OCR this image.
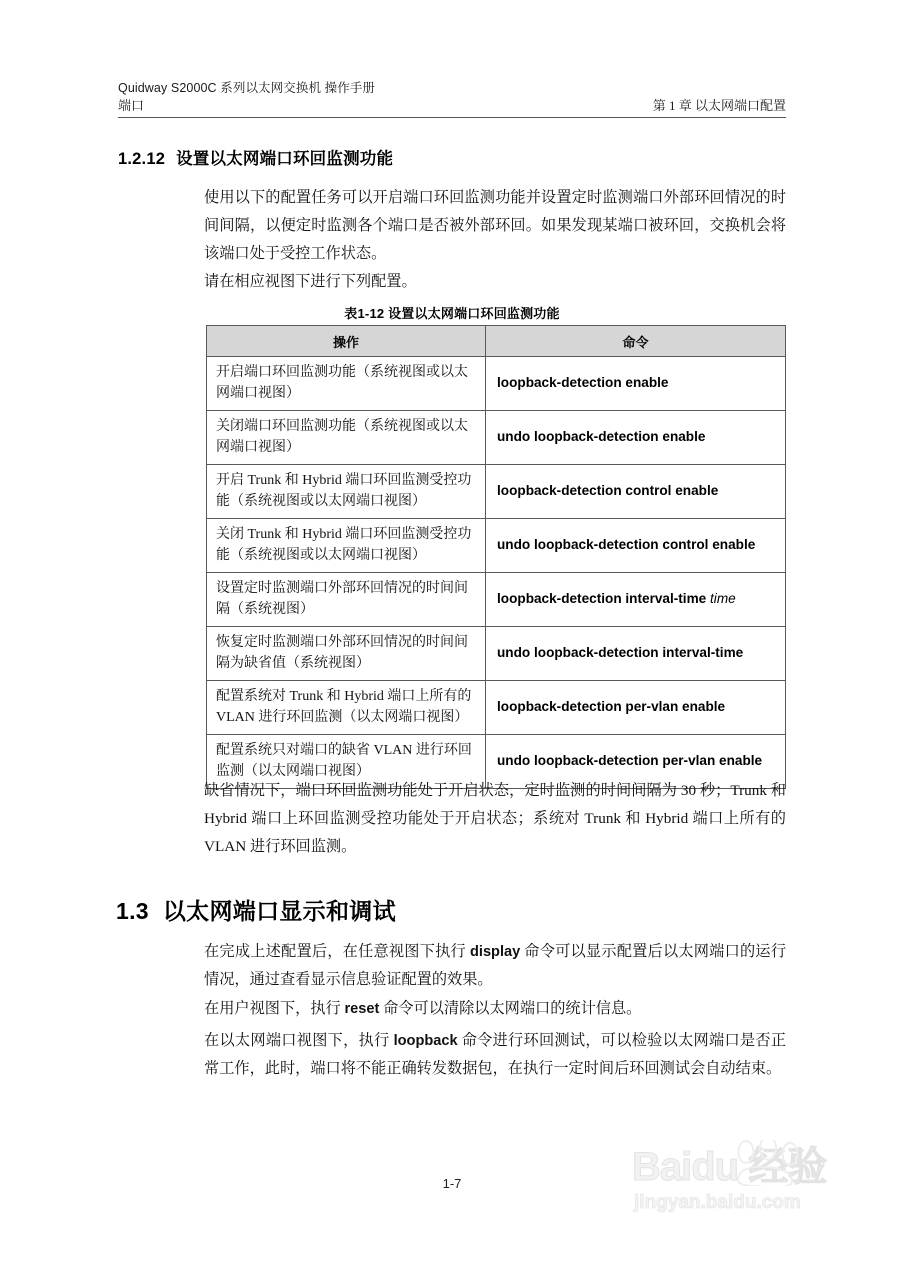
Quidway S2000C 系列以太网交换机 操作手册
端口	第 1 章 以太网端口配置
1.2.12 设置以太网端口环回监测功能
使用以下的配置任务可以开启端口环回监测功能并设置定时监测端口外部环回情况的时间间隔，以便定时监测各个端口是否被外部环回。如果发现某端口被环回，交换机会将该端口处于受控工作状态。
请在相应视图下进行下列配置。
表1-12 设置以太网端口环回监测功能
操作	命令
开启端口环回监测功能（系统视图或以太网端口视图）	loopback-detection enable
关闭端口环回监测功能（系统视图或以太网端口视图）	undo loopback-detection enable
开启 Trunk 和 Hybrid 端口环回监测受控功能（系统视图或以太网端口视图）	loopback-detection control enable
关闭 Trunk 和 Hybrid 端口环回监测受控功能（系统视图或以太网端口视图）	undo loopback-detection control enable
设置定时监测端口外部环回情况的时间间隔（系统视图）	loopback-detection interval-time time
恢复定时监测端口外部环回情况的时间间隔为缺省值（系统视图）	undo loopback-detection interval-time
配置系统对 Trunk 和 Hybrid 端口上所有的 VLAN 进行环回监测（以太网端口视图）	loopback-detection per-vlan enable
配置系统只对端口的缺省 VLAN 进行环回监测（以太网端口视图）	undo loopback-detection per-vlan enable
缺省情况下，端口环回监测功能处于开启状态，定时监测的时间间隔为 30 秒；Trunk 和 Hybrid 端口上环回监测受控功能处于开启状态；系统对 Trunk 和 Hybrid 端口上所有的 VLAN 进行环回监测。
1.3 以太网端口显示和调试
在完成上述配置后，在任意视图下执行 display 命令可以显示配置后以太网端口的运行情况，通过查看显示信息验证配置的效果。
在用户视图下，执行 reset 命令可以清除以太网端口的统计信息。
在以太网端口视图下，执行 loopback 命令进行环回测试，可以检验以太网端口是否正常工作，此时，端口将不能正确转发数据包，在执行一定时间后环回测试会自动结束。
1-7	Baidu 经验
jingyan.baidu.com
